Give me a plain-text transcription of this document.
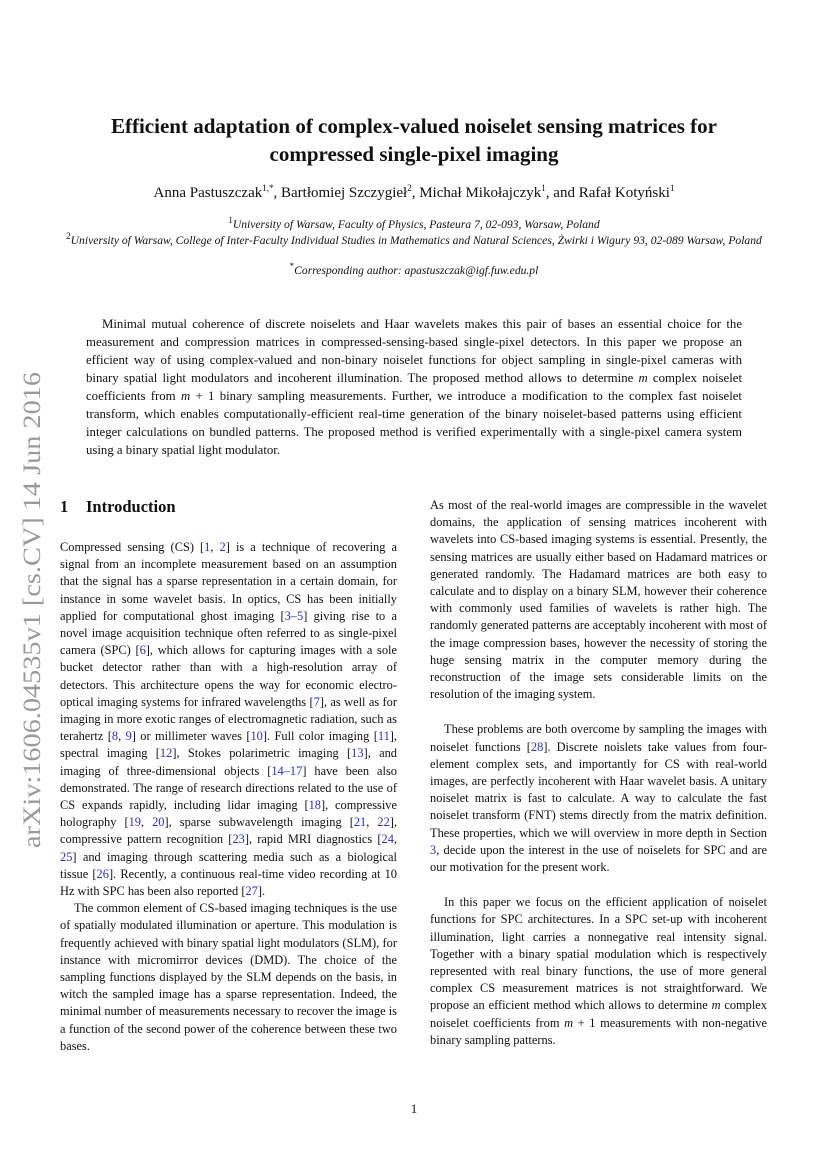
arXiv:1606.04535v1 [cs.CV] 14 Jun 2016
Efficient adaptation of complex-valued noiselet sensing matrices for
compressed single-pixel imaging
Anna Pastuszczak$^{1,*}$, Bartłomiej Szczygieł$^2$, Michał Mikołajczyk$^1$, and Rafał Kotyński$^1$
$^1$University of Warsaw, Faculty of Physics, Pasteura 7, 02-093, Warsaw, Poland
$^2$University of Warsaw, College of Inter-Faculty Individual Studies in Mathematics and Natural Sciences, Żwirki i Wigury 93, 02-089 Warsaw, Poland
*Corresponding author: apastuszczak@igf.fuw.edu.pl

Minimal mutual coherence of discrete noiselets and Haar wavelets makes this pair of bases an essential choice for the measurement and compression matrices in compressed-sensing-based single-pixel detectors. In this paper we propose an efficient way of using complex-valued and non-binary noiselet functions for object sampling in single-pixel cameras with binary spatial light modulators and incoherent illumination. The proposed method allows to determine m complex noiselet coefficients from m + 1 binary sampling measurements. Further, we introduce a modification to the complex fast noiselet transform, which enables computationally-efficient real-time generation of the binary noiselet-based patterns using efficient integer calculations on bundled patterns. The proposed method is verified experimentally with a single-pixel camera system using a binary spatial light modulator.

1 Introduction

Compressed sensing (CS) [1, 2] is a technique of recovering a signal from an incomplete measurement based on an assumption that the signal has a sparse representation in a certain domain, for instance in some wavelet basis. In optics, CS has been initially applied for computational ghost imaging [3–5] giving rise to a novel image acquisition technique often referred to as single-pixel camera (SPC) [6], which allows for capturing images with a sole bucket detector rather than with a high-resolution array of detectors. This architecture opens the way for economic electro-optical imaging systems for infrared wavelengths [7], as well as for imaging in more exotic ranges of electromagnetic radiation, such as terahertz [8, 9] or millimeter waves [10]. Full color imaging [11], spectral imaging [12], Stokes polarimetric imaging [13], and imaging of three-dimensional objects [14–17] have been also demonstrated. The range of research directions related to the use of CS expands rapidly, including lidar imaging [18], compressive holography [19, 20], sparse subwavelength imaging [21, 22], compressive pattern recognition [23], rapid MRI diagnostics [24, 25] and imaging through scattering media such as a biological tissue [26]. Recently, a continuous real-time video recording at 10 Hz with SPC has been also reported [27].

The common element of CS-based imaging techniques is the use of spatially modulated illumination or aperture. This modulation is frequently achieved with binary spatial light modulators (SLM), for instance with micromirror devices (DMD). The choice of the sampling functions displayed by the SLM depends on the basis, in witch the sampled image has a sparse representation. Indeed, the minimal number of measurements necessary to recover the image is a function of the second power of the coherence between these two bases.

As most of the real-world images are compressible in the wavelet domains, the application of sensing matrices incoherent with wavelets into CS-based imaging systems is essential. Presently, the sensing matrices are usually either based on Hadamard matrices or generated randomly. The Hadamard matrices are both easy to calculate and to display on a binary SLM, however their coherence with commonly used families of wavelets is rather high. The randomly generated patterns are acceptably incoherent with most of the image compression bases, however the necessity of storing the huge sensing matrix in the computer memory during the reconstruction of the image sets considerable limits on the resolution of the imaging system.

These problems are both overcome by sampling the images with noiselet functions [28]. Discrete noislets take values from four-element complex sets, and importantly for CS with real-world images, are perfectly incoherent with Haar wavelet basis. A unitary noiselet matrix is fast to calculate. A way to calculate the fast noiselet transform (FNT) stems directly from the matrix definition. These properties, which we will overview in more depth in Section 3, decide upon the interest in the use of noiselets for SPC and are our motivation for the present work.

In this paper we focus on the efficient application of noiselet functions for SPC architectures. In a SPC set-up with incoherent illumination, light carries a nonnegative real intensity signal. Together with a binary spatial modulation which is respectively represented with real binary functions, the use of more general complex CS measurement matrices is not straightforward. We propose an efficient method which allows to determine m complex noiselet coefficients from m + 1 measurements with non-negative binary sampling patterns.

1
